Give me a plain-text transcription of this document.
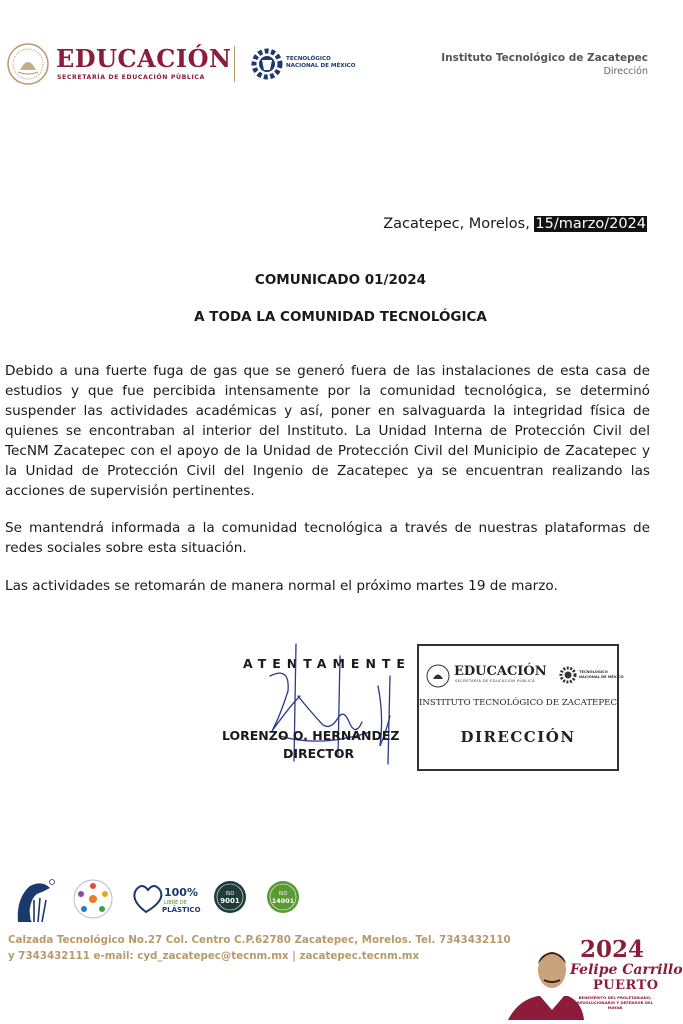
EDUCACIÓN
SECRETARÍA DE EDUCACIÓN PÚBLICA
TECNOLÓGICO
NACIONAL DE MÉXICO
Instituto Tecnológico de Zacatepec
Dirección
Zacatepec, Morelos, 15/marzo/2024
COMUNICADO 01/2024
A TODA LA COMUNIDAD TECNOLÓGICA
Debido a una fuerte fuga de gas que se generó fuera de las instalaciones de esta casa de estudios y que fue percibida intensamente por la comunidad tecnológica, se determinó suspender las actividades académicas y así, poner en salvaguarda la integridad física de quienes se encontraban al interior del Instituto. La Unidad Interna de Protección Civil del TecNM Zacatepec con el apoyo de la Unidad de Protección Civil del Municipio de Zacatepec y la Unidad de Protección Civil del Ingenio de Zacatepec ya se encuentran realizando las acciones de supervisión pertinentes.
Se mantendrá informada a la comunidad tecnológica a través de nuestras plataformas de redes sociales sobre esta situación.
Las actividades se retomarán de manera normal el próximo martes 19 de marzo.
ATENTAMENTE
LORENZO O. HERNÁNDEZ
DIRECTOR
EDUCACIÓN
SECRETARÍA DE EDUCACIÓN PÚBLICA
TECNOLÓGICO
NACIONAL DE MÉXICO
INSTITUTO TECNOLÓGICO DE ZACATEPEC
DIRECCIÓN
100%
LIBRE DE
PLÁSTICO
ISO
9001
ISO
14001
Calzada Tecnológico No.27 Col. Centro C.P.62780 Zacatepec, Morelos. Tel. 7343432110
y 7343432111 e-mail: cyd_zacatepec@tecnm.mx | zacatepec.tecnm.mx	2024
Felipe Carrillo
PUERTO
BENEMÉRITO DEL PROLETARIADO, REVOLUCIONARIO Y DEFENSOR DEL MAYAB
